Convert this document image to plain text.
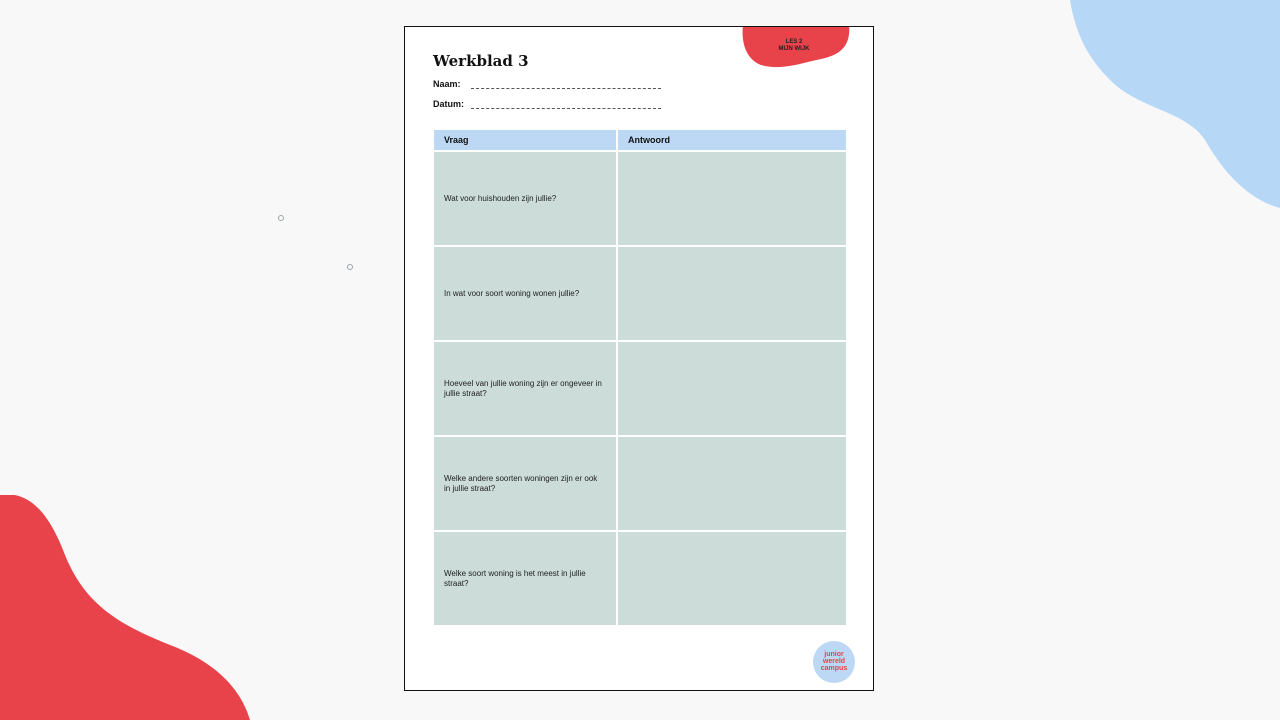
LES 2
MIJN WIJK
Werkblad 3
Naam:
Datum:
Vraag	Antwoord
Wat voor huishouden zijn jullie?	
In wat voor soort woning wonen jullie?	
Hoeveel van jullie woning zijn er ongeveer in jullie straat?	
Welke andere soorten woningen zijn er ook in jullie straat?	
Welke soort woning is het meest in jullie straat?	
junior
wereld
campus
